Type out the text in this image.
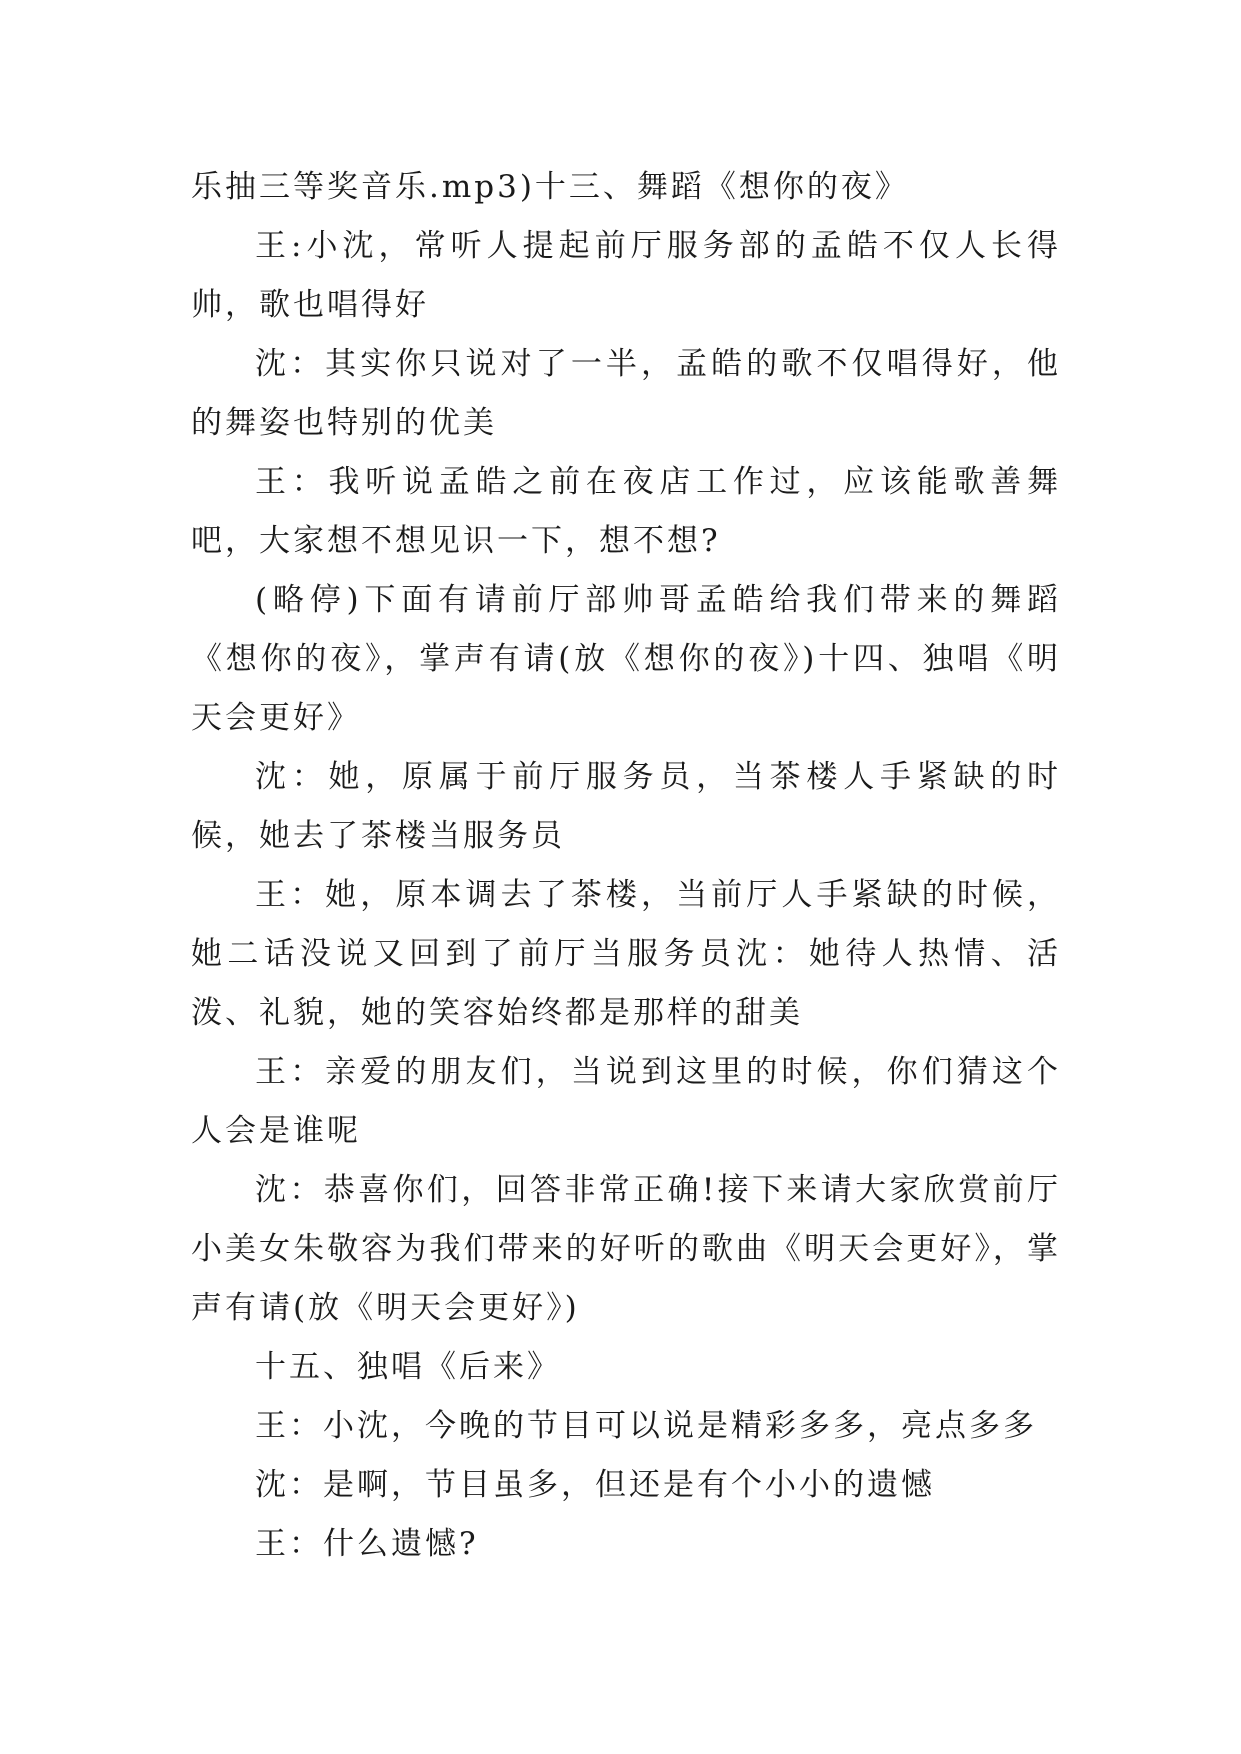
乐抽三等奖音乐.mp3)十三、舞蹈《想你的夜》

王:小沈，常听人提起前厅服务部的孟皓不仅人长得帅，歌也唱得好

沈：其实你只说对了一半，孟皓的歌不仅唱得好，他的舞姿也特别的优美

王：我听说孟皓之前在夜店工作过，应该能歌善舞吧，大家想不想见识一下，想不想?

(略停)下面有请前厅部帅哥孟皓给我们带来的舞蹈《想你的夜》，掌声有请(放《想你的夜》)十四、独唱《明天会更好》

沈：她，原属于前厅服务员，当茶楼人手紧缺的时候，她去了茶楼当服务员

王：她，原本调去了茶楼，当前厅人手紧缺的时候，她二话没说又回到了前厅当服务员沈：她待人热情、活泼、礼貌，她的笑容始终都是那样的甜美

王：亲爱的朋友们，当说到这里的时候，你们猜这个人会是谁呢

沈：恭喜你们，回答非常正确!接下来请大家欣赏前厅小美女朱敬容为我们带来的好听的歌曲《明天会更好》，掌声有请(放《明天会更好》)

十五、独唱《后来》

王：小沈，今晚的节目可以说是精彩多多，亮点多多

沈：是啊，节目虽多，但还是有个小小的遗憾

王：什么遗憾?
